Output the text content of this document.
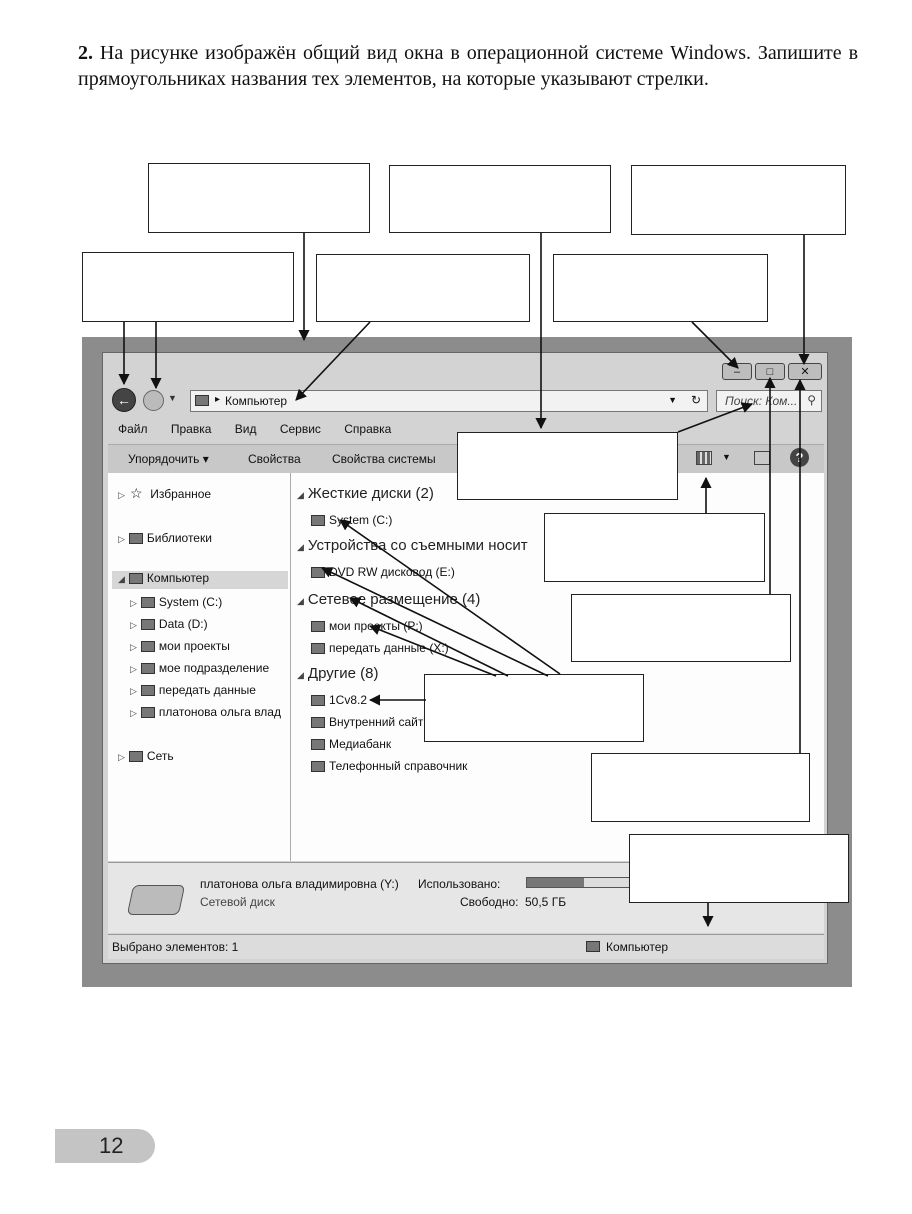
2. На рисунке изображён общий вид окна в операционной системе Windows. Запишите в прямоугольниках названия тех элементов, на которые указывают стрелки.
–	□	✕
←	▼	▸ Компьютер	▼ ↻ Поиск: Ком... ⚲
Файл Правка Вид Сервис Справка
Упорядочить ▾	Свойства	Свойства системы	▼	?
▷ ☆ Избранное
▷ Библиотеки
◢ Компьютер
▷ System (C:)
▷ Data (D:)
▷ мои проекты
▷ мое подразделение
▷ передать данные
▷ платонова ольга влад
▷ Сеть
◢ Жесткие диски (2)
System (C:)
◢ Устройства со съемными носит
DVD RW дисковод (E:)
◢ Сетевое размещение (4)
мои проекты (P:)
передать данные (X:)
◢ Другие (8)
1Cv8.2
Внутренний сайт
Медиабанк
Телефонный справочник
платонова ольга владимировна (Y:) Использовано:
Сетевой диск	Свободно: 50,5 ГБ
Выбрано элементов: 1	Компьютер
12
